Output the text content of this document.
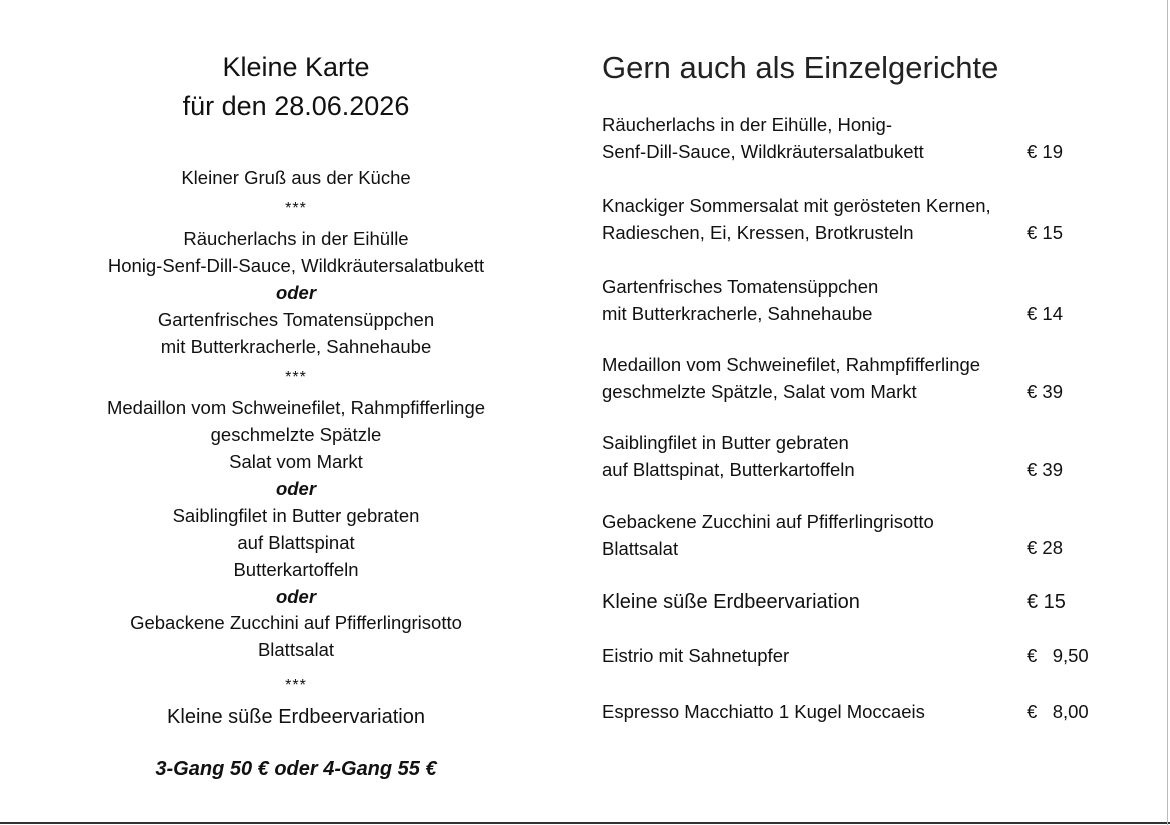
Kleine Karte
für den 28.06.2026
Kleiner Gruß aus der Küche
***
Räucherlachs in der Eihülle
Honig-Senf-Dill-Sauce, Wildkräutersalatbukett
oder
Gartenfrisches Tomatensüppchen
mit Butterkracherle, Sahnehaube
***
Medaillon vom Schweinefilet, Rahmpfifferlinge
geschmelzte Spätzle
Salat vom Markt
oder
Saiblingfilet in Butter gebraten
auf Blattspinat
Butterkartoffeln
oder
Gebackene Zucchini auf Pfifferlingrisotto
Blattsalat
***
Kleine süße Erdbeervariation
3-Gang 50 € oder 4-Gang 55 €
Gern auch als Einzelgerichte
Räucherlachs in der Eihülle, Honig-
Senf-Dill-Sauce, Wildkräutersalatbukett	€ 19
Knackiger Sommersalat mit gerösteten Kernen,
Radieschen, Ei, Kressen, Brotkrusteln	€ 15
Gartenfrisches Tomatensüppchen
mit Butterkracherle, Sahnehaube	€ 14
Medaillon vom Schweinefilet, Rahmpfifferlinge
geschmelzte Spätzle, Salat vom Markt	€ 39
Saiblingfilet in Butter gebraten
auf Blattspinat, Butterkartoffeln	€ 39
Gebackene Zucchini auf Pfifferlingrisotto
Blattsalat	€ 28
Kleine süße Erdbeervariation	€ 15
Eistrio mit Sahnetupfer	€   9,50
Espresso Macchiatto 1 Kugel Moccaeis	€   8,00
